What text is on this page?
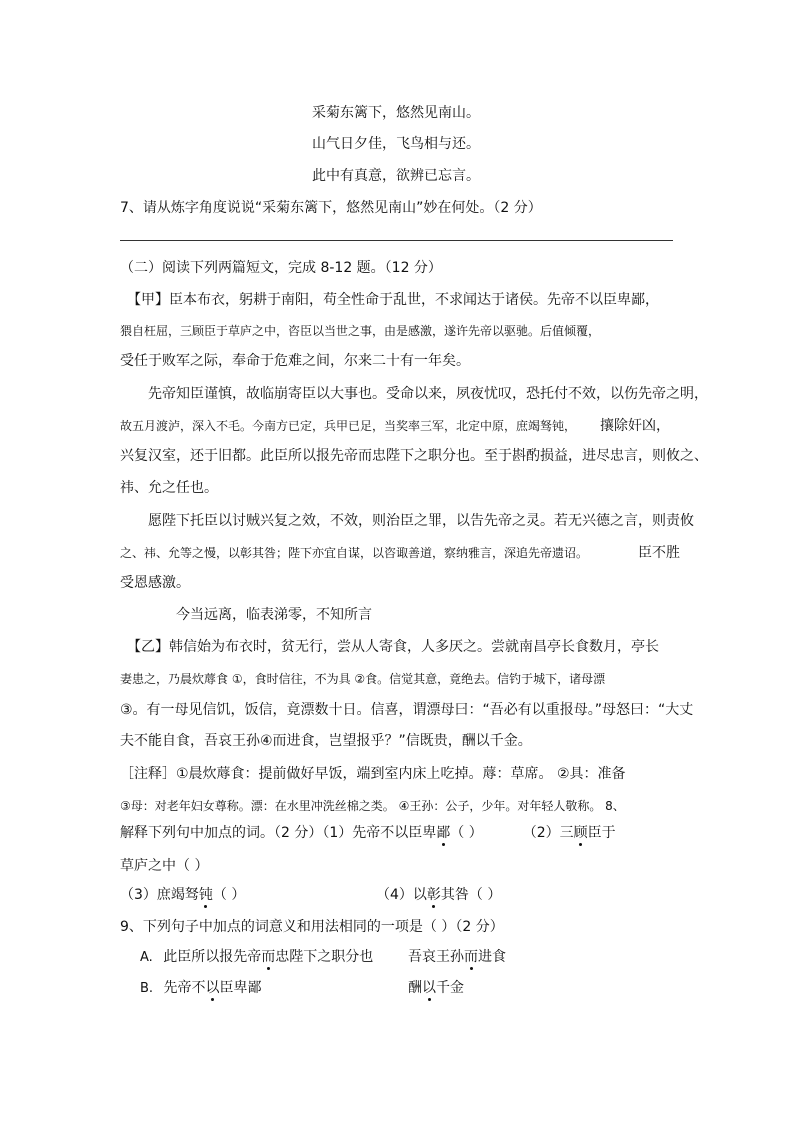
采菊东篱下，悠然见南山。
山气日夕佳，飞鸟相与还。
此中有真意，欲辨已忘言。
7、请从炼字角度说说“采菊东篱下，悠然见南山”妙在何处。（2 分）
（二）阅读下列两篇短文，完成 8-12 题。（12 分）
【甲】臣本布衣，躬耕于南阳，苟全性命于乱世，不求闻达于诸侯。先帝不以臣卑鄙，
猥自枉屈，三顾臣于草庐之中，咨臣以当世之事，由是感激，遂许先帝以驱驰。后值倾覆，
受任于败军之际，奉命于危难之间，尔来二十有一年矣。
先帝知臣谨慎，故临崩寄臣以大事也。受命以来，夙夜忧叹，恐托付不效，以伤先帝之明，
故五月渡泸，深入不毛。今南方已定，兵甲已足，当奖率三军，北定中原，庶竭驽钝， 攘除奸凶，
兴复汉室，还于旧都。此臣所以报先帝而忠陛下之职分也。至于斟酌损益，进尽忠言，则攸之、
祎、允之任也。
愿陛下托臣以讨贼兴复之效，不效，则治臣之罪，以告先帝之灵。若无兴德之言，则责攸
之、祎、允等之慢，以彰其咎；陛下亦宜自谋，以咨诹善道，察纳雅言，深追先帝遗诏。	臣不胜
受恩感激。
今当远离，临表涕零，不知所言
【乙】韩信始为布衣时，贫无行，尝从人寄食，人多厌之。尝就南昌亭长食数月，亭长
妻患之，乃晨炊蓐食 ①，食时信往，不为具 ②食。信觉其意，竟绝去。信钓于城下，诸母漂
③。有一母见信饥，饭信，竟漂数十日。信喜，谓漂母曰：“吾必有以重报母。”母怒曰：“大丈
夫不能自食，吾哀王孙④而进食，岂望报乎？”信既贵，酬以千金。
［注释］①晨炊蓐食：提前做好早饭，端到室内床上吃掉。蓐：草席。 ②具：准备
③母：对老年妇女尊称。漂：在水里冲洗丝棉之类。 ④王孙：公子，少年。对年轻人敬称。 8、
解释下列句中加点的词。（2 分）（1）先帝不以臣卑鄙（ ）	（2）三顾臣于
草庐之中（ ）
（3）庶竭驽钝（ ）	（4）以彰其咎（ ）
9、下列句子中加点的词意义和用法相同的一项是（ ）（2 分）
A. 此臣所以报先帝而忠陛下之职分也 吾哀王孙而进食
B. 先帝不以臣卑鄙	酬以千金
